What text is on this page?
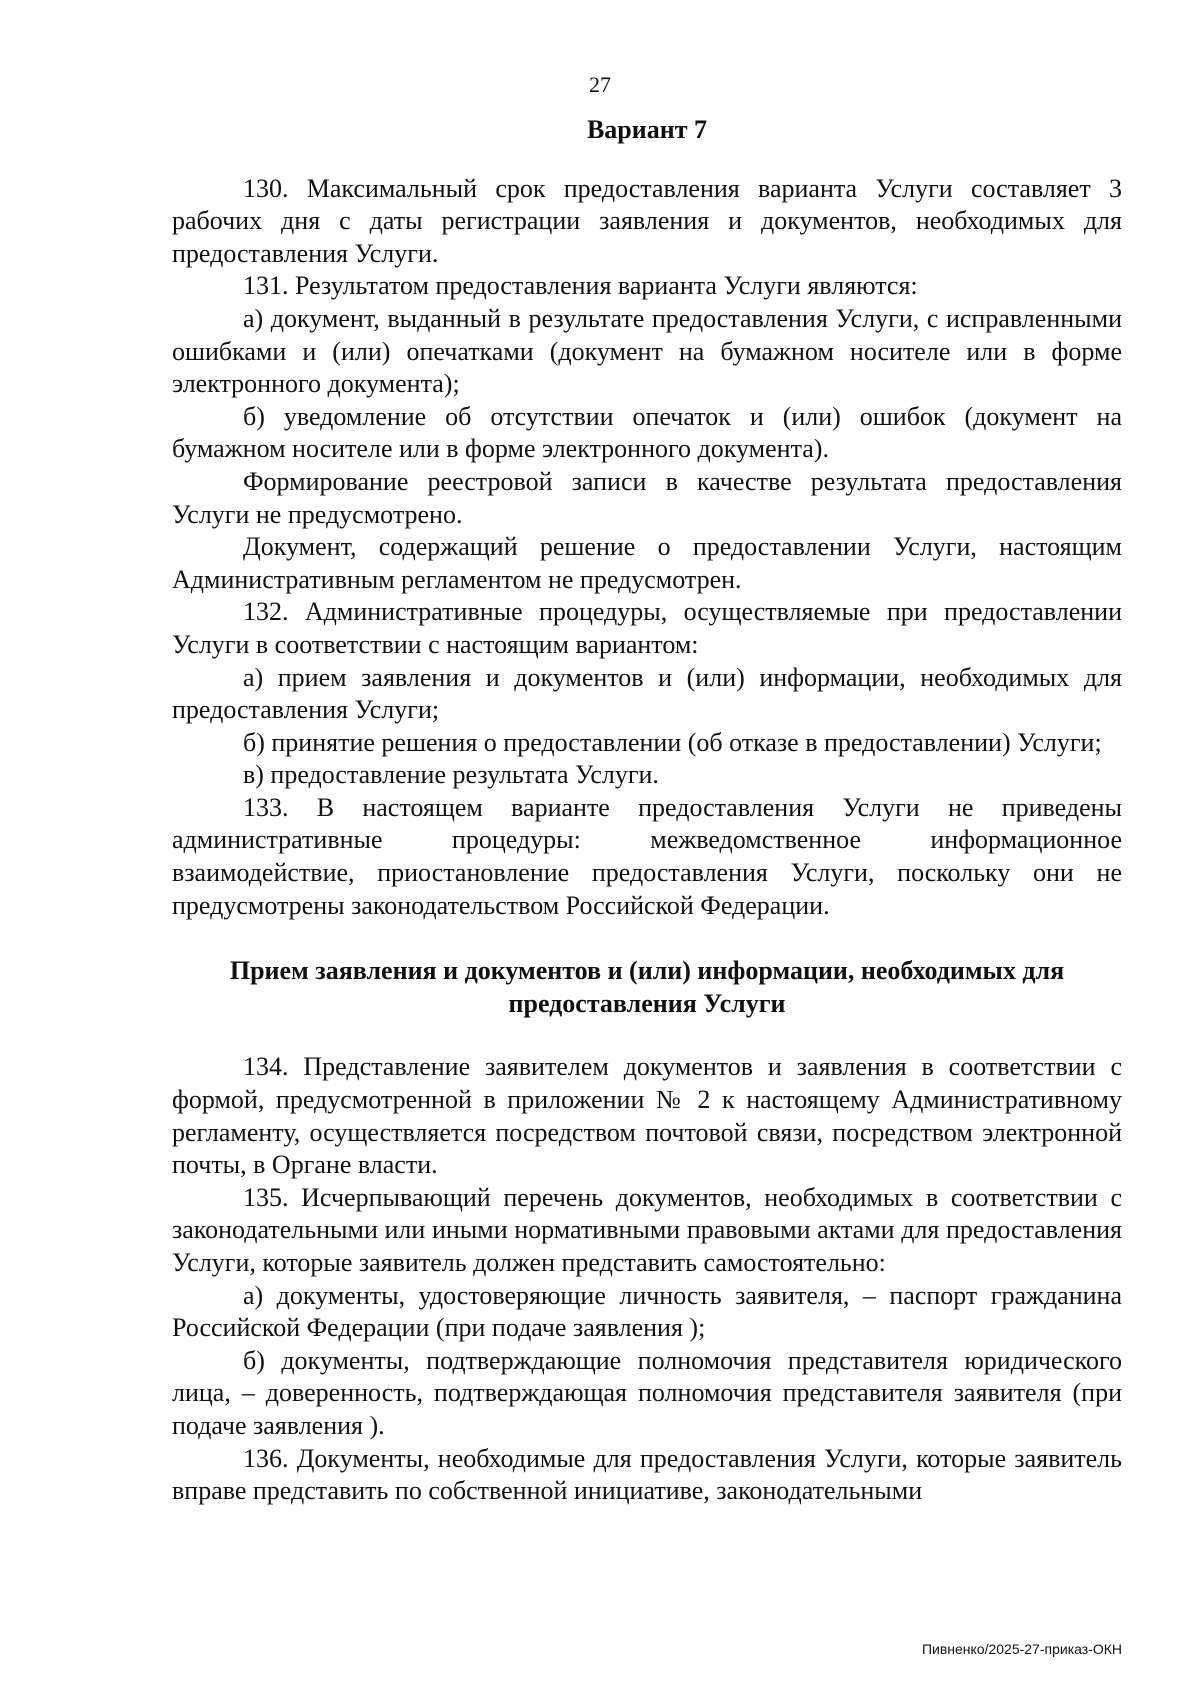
27

Вариант 7

130. Максимальный срок предоставления варианта Услуги составляет 3 рабочих дня с даты регистрации заявления и документов, необходимых для предоставления Услуги.

131. Результатом предоставления варианта Услуги являются:

а) документ, выданный в результате предоставления Услуги, с исправленными ошибками и (или) опечатками (документ на бумажном носителе или в форме электронного документа);

б) уведомление об отсутствии опечаток и (или) ошибок (документ на бумажном носителе или в форме электронного документа).

Формирование реестровой записи в качестве результата предоставления Услуги не предусмотрено.

Документ, содержащий решение о предоставлении Услуги, настоящим Административным регламентом не предусмотрен.

132. Административные процедуры, осуществляемые при предоставлении Услуги в соответствии с настоящим вариантом:

а) прием заявления и документов и (или) информации, необходимых для предоставления Услуги;

б) принятие решения о предоставлении (об отказе в предоставлении) Услуги;

в) предоставление результата Услуги.

133. В настоящем варианте предоставления Услуги не приведены административные процедуры: межведомственное информационное взаимодействие, приостановление предоставления Услуги, поскольку они не предусмотрены законодательством Российской Федерации.

Прием заявления и документов и (или) информации, необходимых для предоставления Услуги

134. Представление заявителем документов и заявления в соответствии с формой, предусмотренной в приложении № 2 к настоящему Административному регламенту, осуществляется посредством почтовой связи, посредством электронной почты, в Органе власти.

135. Исчерпывающий перечень документов, необходимых в соответствии с законодательными или иными нормативными правовыми актами для предоставления Услуги, которые заявитель должен представить самостоятельно:

а) документы, удостоверяющие личность заявителя, – паспорт гражданина Российской Федерации (при подаче заявления );

б) документы, подтверждающие полномочия представителя юридического лица, – доверенность, подтверждающая полномочия представителя заявителя (при подаче заявления ).

136. Документы, необходимые для предоставления Услуги, которые заявитель вправе представить по собственной инициативе, законодательными

Пивненко/2025-27-приказ-ОКН
